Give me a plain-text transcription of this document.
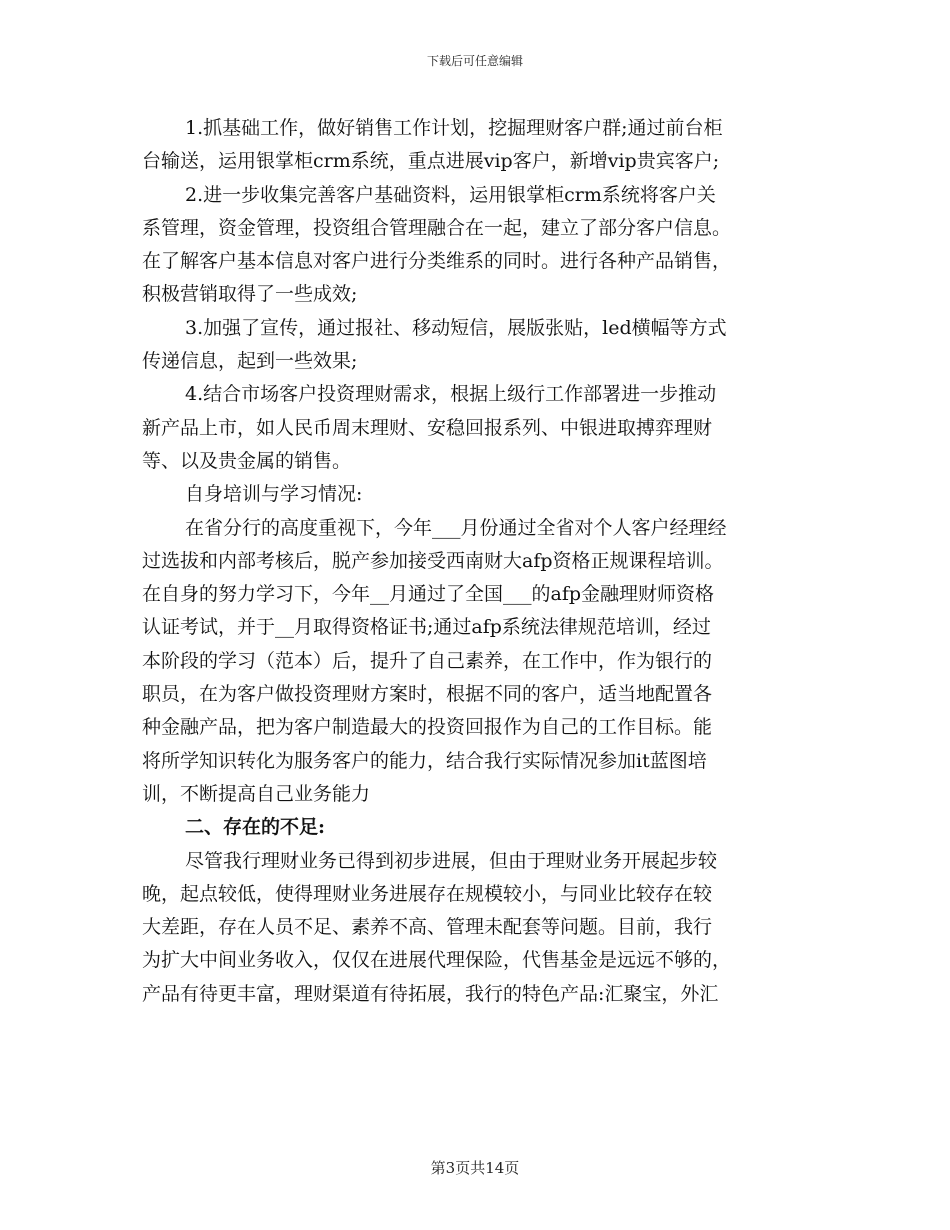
下载后可任意编辑
1.抓基础工作，做好销售工作计划，挖掘理财客户群;通过前台柜
台输送，运用银掌柜crm系统，重点进展vip客户，新增vip贵宾客户;
2.进一步收集完善客户基础资料，运用银掌柜crm系统将客户关
系管理，资金管理，投资组合管理融合在一起，建立了部分客户信息。
在了解客户基本信息对客户进行分类维系的同时。进行各种产品销售，
积极营销取得了一些成效;
3.加强了宣传，通过报社、移动短信，展版张贴，led横幅等方式
传递信息，起到一些效果;
4.结合市场客户投资理财需求，根据上级行工作部署进一步推动
新产品上市，如人民币周末理财、安稳回报系列、中银进取搏弈理财
等、以及贵金属的销售。
自身培训与学习情况:
在省分行的高度重视下，今年___月份通过全省对个人客户经理经
过选拔和内部考核后，脱产参加接受西南财大afp资格正规课程培训。
在自身的努力学习下，今年__月通过了全国___的afp金融理财师资格
认证考试，并于__月取得资格证书;通过afp系统法律规范培训，经过
本阶段的学习（范本）后，提升了自己素养，在工作中，作为银行的
职员，在为客户做投资理财方案时，根据不同的客户，适当地配置各
种金融产品，把为客户制造最大的投资回报作为自己的工作目标。能
将所学知识转化为服务客户的能力，结合我行实际情况参加it蓝图培
训，不断提高自己业务能力
二、存在的不足:
尽管我行理财业务已得到初步进展，但由于理财业务开展起步较
晚，起点较低，使得理财业务进展存在规模较小，与同业比较存在较
大差距，存在人员不足、素养不高、管理未配套等问题。目前，我行
为扩大中间业务收入，仅仅在进展代理保险，代售基金是远远不够的，
产品有待更丰富，理财渠道有待拓展，我行的特色产品:汇聚宝，外汇
第3页共14页
